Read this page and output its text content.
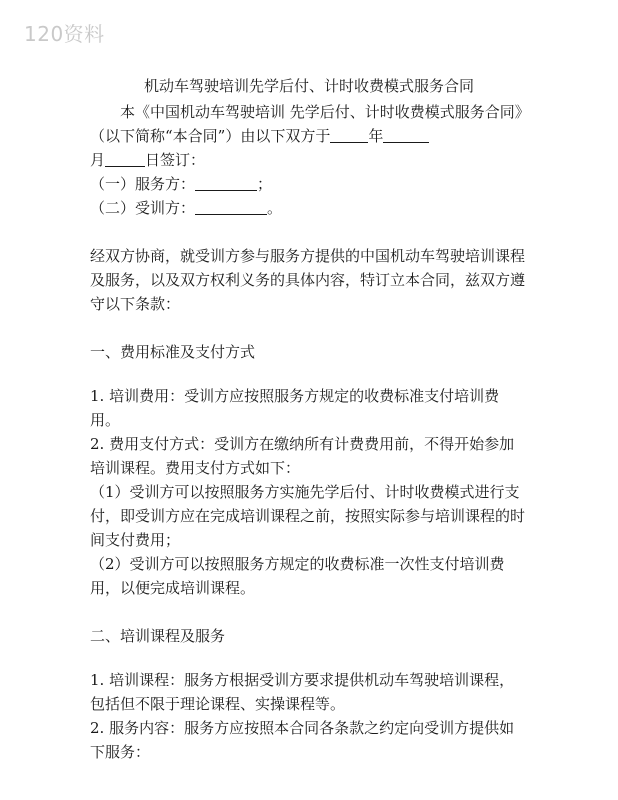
120资料
机动车驾驶培训先学后付、计时收费模式服务合同

本《中国机动车驾驶培训 先学后付、计时收费模式服务合同》（以下简称“本合同”）由以下双方于	年
月	日签订：

（一）服务方：	；

（二）受训方：	。

经双方协商，就受训方参与服务方提供的中国机动车驾驶培训课程及服务，以及双方权利义务的具体内容，特订立本合同，兹双方遵守以下条款：

一、费用标准及支付方式

1. 培训费用：受训方应按照服务方规定的收费标准支付培训费用。

2. 费用支付方式：受训方在缴纳所有计费费用前，不得开始参加培训课程。费用支付方式如下：

（1）受训方可以按照服务方实施先学后付、计时收费模式进行支付，即受训方应在完成培训课程之前，按照实际参与培训课程的时间支付费用；

（2）受训方可以按照服务方规定的收费标准一次性支付培训费用，以便完成培训课程。

二、培训课程及服务

1. 培训课程：服务方根据受训方要求提供机动车驾驶培训课程，包括但不限于理论课程、实操课程等。

2. 服务内容：服务方应按照本合同各条款之约定向受训方提供如下服务：
